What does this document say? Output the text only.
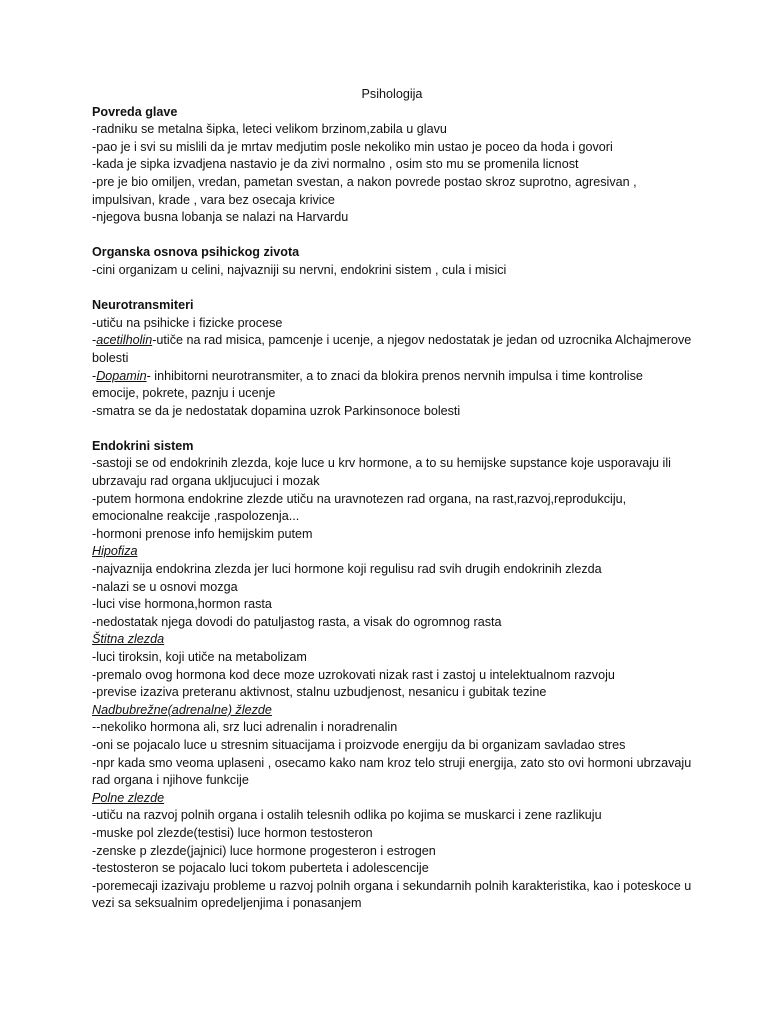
Psihologija

Povreda glave

-radniku se metalna šipka, leteci velikom brzinom,zabila u glavu

-pao je i svi su mislili da je mrtav medjutim posle nekoliko min ustao je poceo da hoda i govori

-kada je sipka izvadjena nastavio je da zivi normalno , osim sto mu se promenila licnost

-pre je bio omiljen, vredan, pametan svestan, a nakon povrede postao skroz suprotno, agresivan , impulsivan, krade , vara bez osecaja krivice

-njegova busna lobanja se nalazi na Harvardu

Organska osnova psihickog zivota

-cini organizam u celini, najvazniji su nervni, endokrini sistem , cula i misici

Neurotransmiteri

-utiču na psihicke i fizicke procese

-acetilholin-utiče na rad misica, pamcenje i ucenje, a njegov nedostatak je jedan od uzrocnika Alchajmerove bolesti

-Dopamin- inhibitorni neurotransmiter, a to znaci da blokira prenos nervnih impulsa i time kontrolise emocije, pokrete, paznju i ucenje

-smatra se da je nedostatak dopamina uzrok Parkinsonoce bolesti

Endokrini sistem

-sastoji se od endokrinih zlezda, koje luce u krv hormone, a to su hemijske supstance koje usporavaju ili ubrzavaju rad organa ukljucujuci i mozak

-putem hormona endokrine zlezde utiču na uravnotezen rad organa, na rast,razvoj,reprodukciju, emocionalne reakcije ,raspolozenja...

-hormoni prenose info hemijskim putem

Hipofiza

-najvaznija endokrina zlezda jer luci hormone koji regulisu rad svih drugih endokrinih zlezda

-nalazi se u osnovi mozga

-luci vise hormona,hormon rasta

-nedostatak njega dovodi do patuljastog rasta, a visak do ogromnog rasta

Štitna zlezda

-luci tiroksin, koji utiče na metabolizam

-premalo ovog hormona kod dece moze uzrokovati nizak rast i zastoj u intelektualnom razvoju

-previse izaziva preteranu aktivnost, stalnu uzbudjenost, nesanicu i gubitak tezine

Nadbubrežne(adrenalne) žlezde

--nekoliko hormona ali, srz luci adrenalin i noradrenalin

-oni se pojacalo luce u stresnim situacijama i proizvode energiju da bi organizam savladao stres

-npr kada smo veoma uplaseni , osecamo kako nam kroz telo struji energija, zato sto ovi hormoni ubrzavaju rad organa i njihove funkcije

Polne zlezde

-utiču na razvoj polnih organa i ostalih telesnih odlika po kojima se muskarci i zene razlikuju

-muske pol zlezde(testisi) luce hormon testosteron

-zenske p zlezde(jajnici) luce hormone progesteron i estrogen

-testosteron se pojacalo luci tokom puberteta i adolescencije

-poremecaji izazivaju probleme u razvoj polnih organa i sekundarnih polnih karakteristika, kao i poteskoce u vezi sa seksualnim opredeljenjima i ponasanjem
